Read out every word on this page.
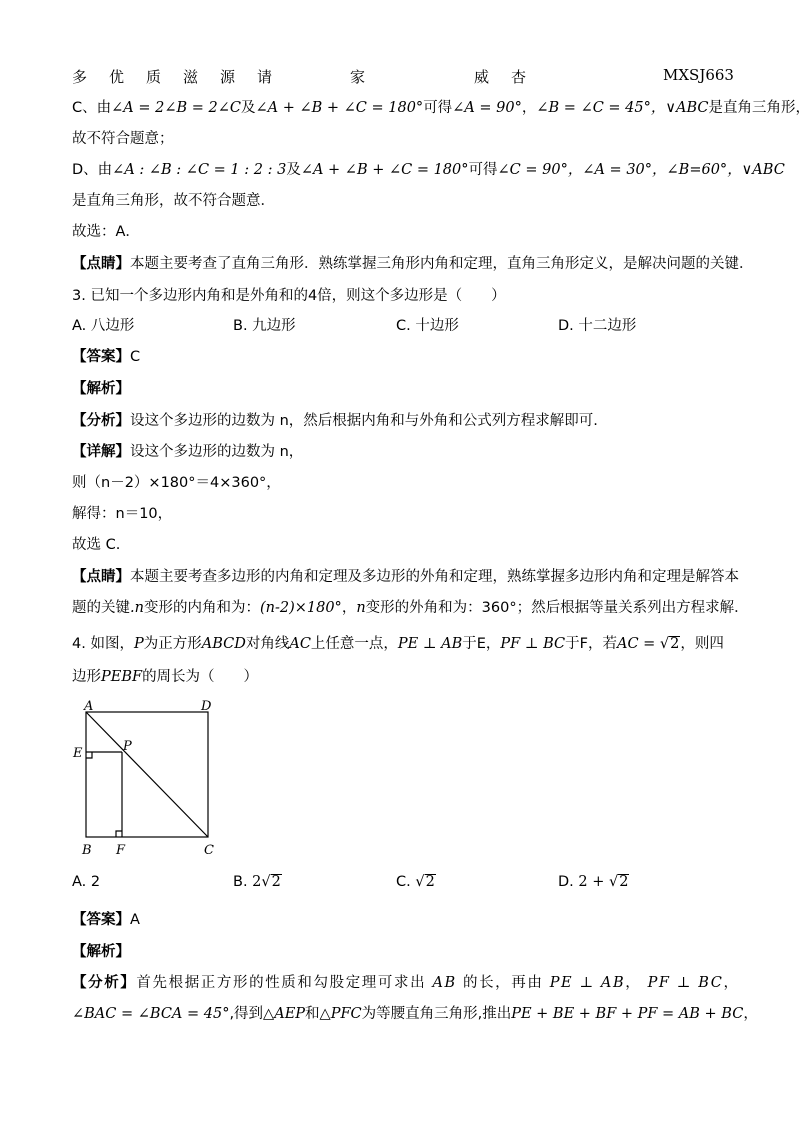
多 优 质 滋 源 请	家	威 杏	MXSJ663
C、由∠A = 2∠B = 2∠C及∠A + ∠B + ∠C = 180°可得∠A = 90°，∠B = ∠C = 45°，∨ABC是直角三角形，
故不符合题意；
D、由∠A : ∠B : ∠C = 1 : 2 : 3及∠A + ∠B + ∠C = 180°可得∠C = 90°，∠A = 30°，∠B=60°，∨ABC
是直角三角形，故不符合题意．
故选：A．
【点睛】本题主要考查了直角三角形．熟练掌握三角形内角和定理，直角三角形定义，是解决问题的关键．
3. 已知一个多边形内角和是外角和的4倍，则这个多边形是（　　）
A. 八边形	B. 九边形	C. 十边形	D. 十二边形
【答案】C
【解析】
【分析】设这个多边形的边数为 n，然后根据内角和与外角和公式列方程求解即可.
【详解】设这个多边形的边数为 n，
则（n－2）×180°＝4×360°，
解得：n＝10，
故选 C.
【点睛】本题主要考查多边形的内角和定理及多边形的外角和定理，熟练掌握多边形内角和定理是解答本
题的关键.n变形的内角和为：(n-2)×180°，n变形的外角和为：360°；然后根据等量关系列出方程求解．
4. 如图，P为正方形ABCD对角线AC上任意一点，PE ⊥ AB于E，PF ⊥ BC于F，若AC = √2，则四
边形PEBF的周长为（　　）
A	D
E	P
B F	C
A. 2	B. 2√2	C. √2	D. 2 + √2
【答案】A
【解析】
【分析】首先根据正方形的性质和勾股定理可求出 AB 的长，再由 PE ⊥ AB， PF ⊥ BC，
∠BAC = ∠BCA = 45°,得到△AEP和△PFC为等腰直角三角形,推出PE + BE + BF + PF = AB + BC，
